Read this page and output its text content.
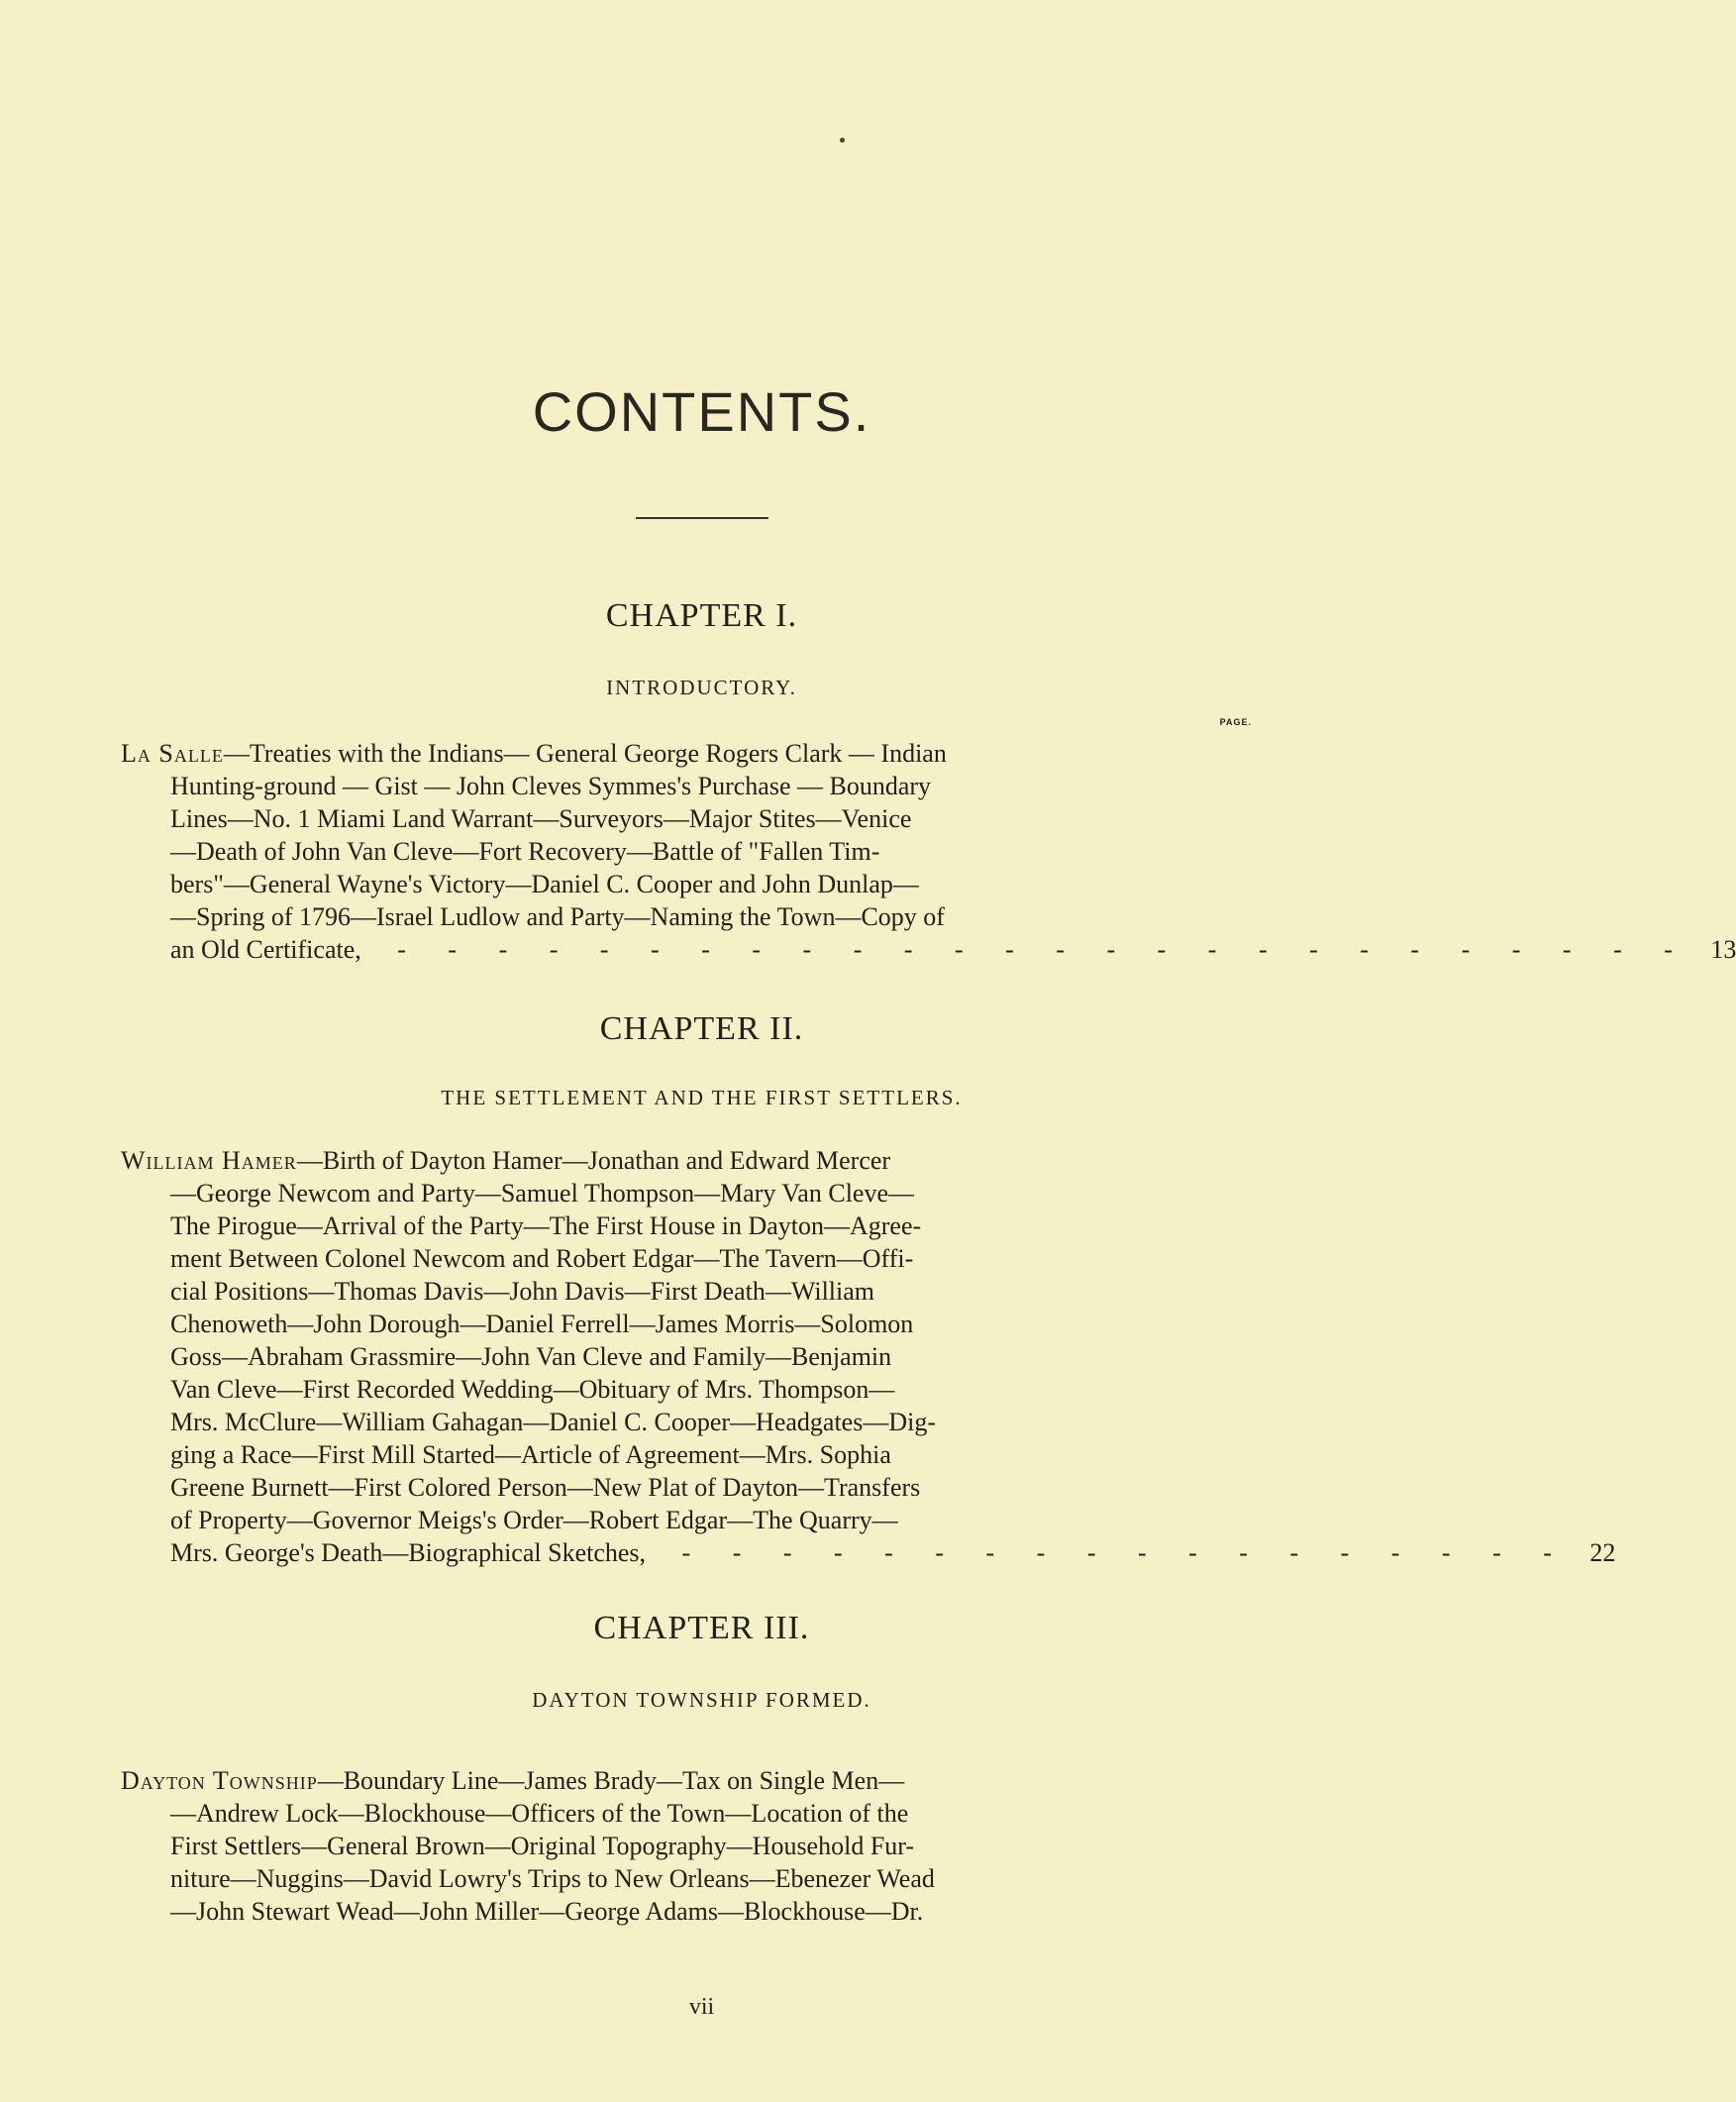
CONTENTS.
CHAPTER I.
INTRODUCTORY.
PAGE.
La Salle—Treaties with the Indians— General George Rogers Clark — Indian
Hunting-ground — Gist — John Cleves Symmes's Purchase — Boundary
Lines—No. 1 Miami Land Warrant—Surveyors—Major Stites—Venice
—Death of John Van Cleve—Fort Recovery—Battle of "Fallen Tim-
bers"—General Wayne's Victory—Daniel C. Cooper and John Dunlap—
—Spring of 1796—Israel Ludlow and Party—Naming the Town—Copy of
an Old Certificate, - - - - - - - - - - - - - - - - - - - - - - - - - - 13
CHAPTER II.
THE SETTLEMENT AND THE FIRST SETTLERS.
William Hamer—Birth of Dayton Hamer—Jonathan and Edward Mercer
—George Newcom and Party—Samuel Thompson—Mary Van Cleve—
The Pirogue—Arrival of the Party—The First House in Dayton—Agree-
ment Between Colonel Newcom and Robert Edgar—The Tavern—Offi-
cial Positions—Thomas Davis—John Davis—First Death—William
Chenoweth—John Dorough—Daniel Ferrell—James Morris—Solomon
Goss—Abraham Grassmire—John Van Cleve and Family—Benjamin
Van Cleve—First Recorded Wedding—Obituary of Mrs. Thompson—
Mrs. McClure—William Gahagan—Daniel C. Cooper—Headgates—Dig-
ging a Race—First Mill Started—Article of Agreement—Mrs. Sophia
Greene Burnett—First Colored Person—New Plat of Dayton—Transfers
of Property—Governor Meigs's Order—Robert Edgar—The Quarry—
Mrs. George's Death—Biographical Sketches, - - - - - - - - - - - - - - - - - - 22
CHAPTER III.
DAYTON TOWNSHIP FORMED.
Dayton Township—Boundary Line—James Brady—Tax on Single Men—
—Andrew Lock—Blockhouse—Officers of the Town—Location of the
First Settlers—General Brown—Original Topography—Household Fur-
niture—Nuggins—David Lowry's Trips to New Orleans—Ebenezer Wead
—John Stewart Wead—John Miller—George Adams—Blockhouse—Dr.
vii
